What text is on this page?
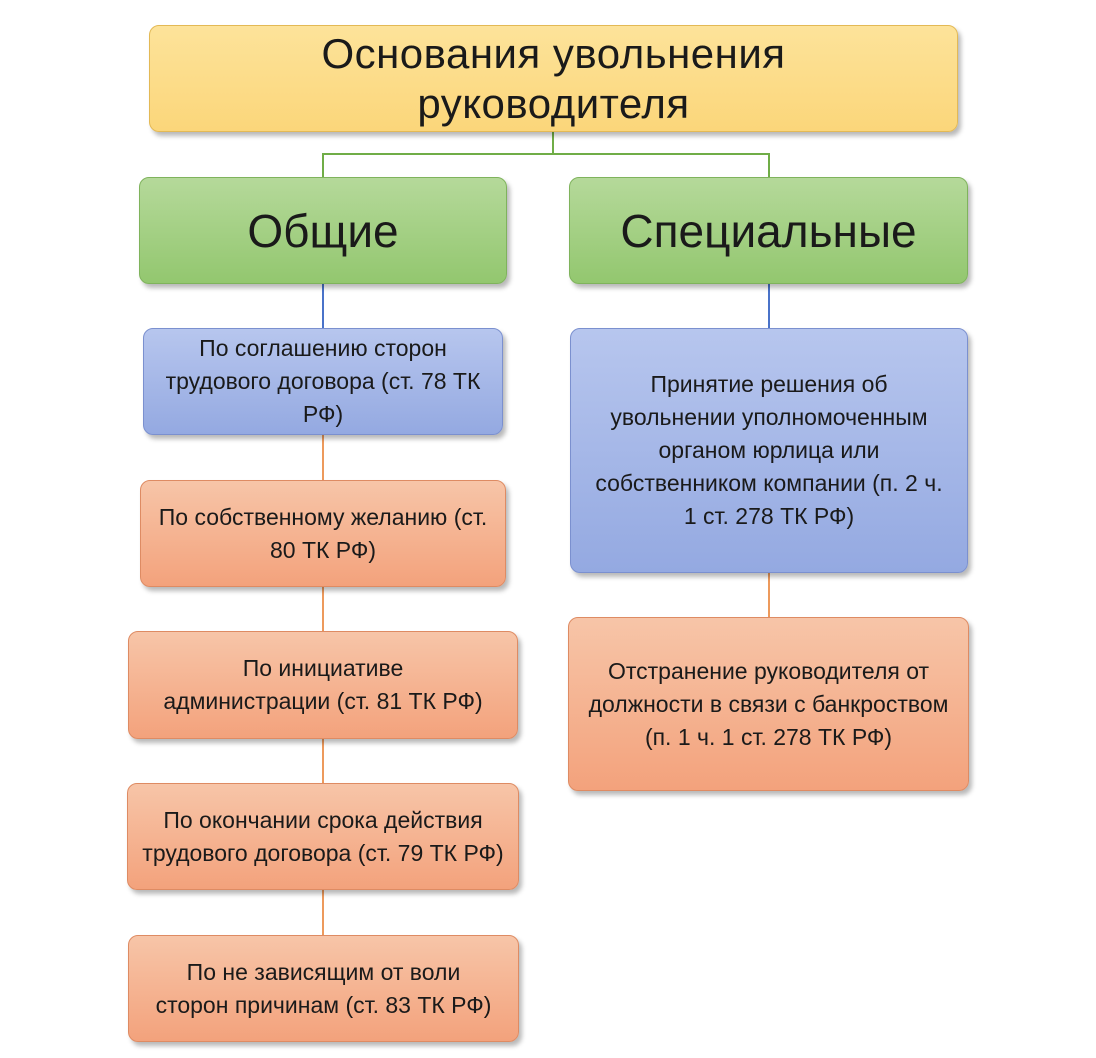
Основания увольнения руководителя
Общие	Специальные
По соглашению сторон трудового договора (ст. 78 ТК РФ)
По собственному желанию (ст. 80 ТК РФ)
По инициативе администрации (ст. 81 ТК РФ)
По окончании срока действия трудового договора (ст. 79 ТК РФ)
По не зависящим от воли сторон причинам (ст. 83 ТК РФ)
Принятие решения об увольнении уполномоченным органом юрлица или собственником компании (п. 2 ч. 1 ст. 278 ТК РФ)
Отстранение руководителя от должности в связи с банкроством (п. 1 ч. 1 ст. 278 ТК РФ)
